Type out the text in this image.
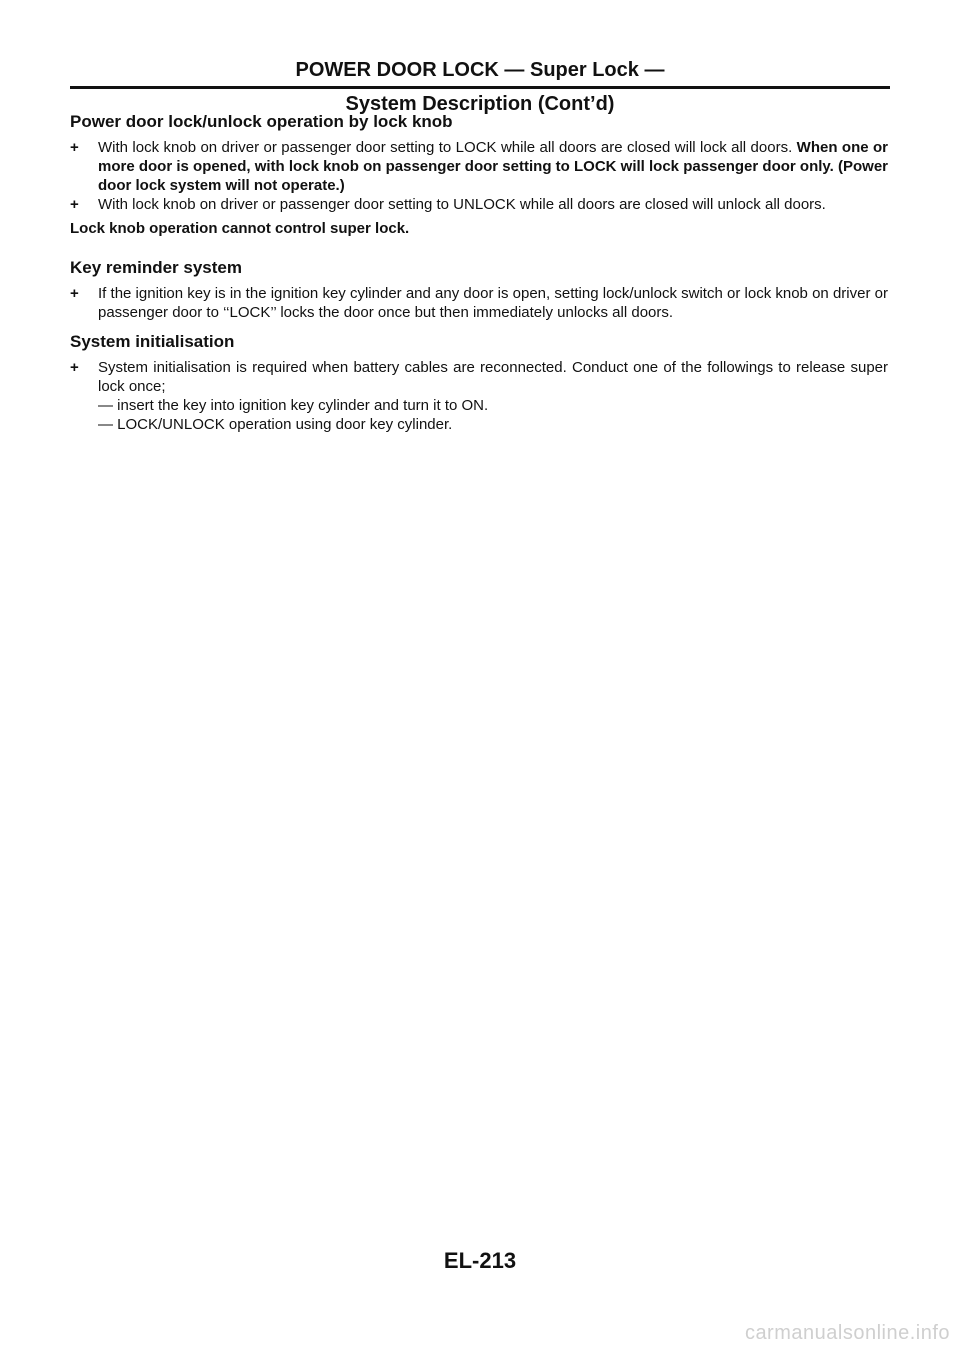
POWER DOOR LOCK — Super Lock —
System Description (Cont’d)
Power door lock/unlock operation by lock knob
+ With lock knob on driver or passenger door setting to LOCK while all doors are closed will lock all doors. When one or more door is opened, with lock knob on passenger door setting to LOCK will lock passenger door only. (Power door lock system will not operate.)
+ With lock knob on driver or passenger door setting to UNLOCK while all doors are closed will unlock all doors.
Lock knob operation cannot control super lock.
Key reminder system
+ If the ignition key is in the ignition key cylinder and any door is open, setting lock/unlock switch or lock knob on driver or passenger door to ‘‘LOCK’’ locks the door once but then immediately unlocks all doors.
System initialisation
+ System initialisation is required when battery cables are reconnected. Conduct one of the followings to release super lock once;
— insert the key into ignition key cylinder and turn it to ON.
— LOCK/UNLOCK operation using door key cylinder.
EL-213
carmanualsonline.info
